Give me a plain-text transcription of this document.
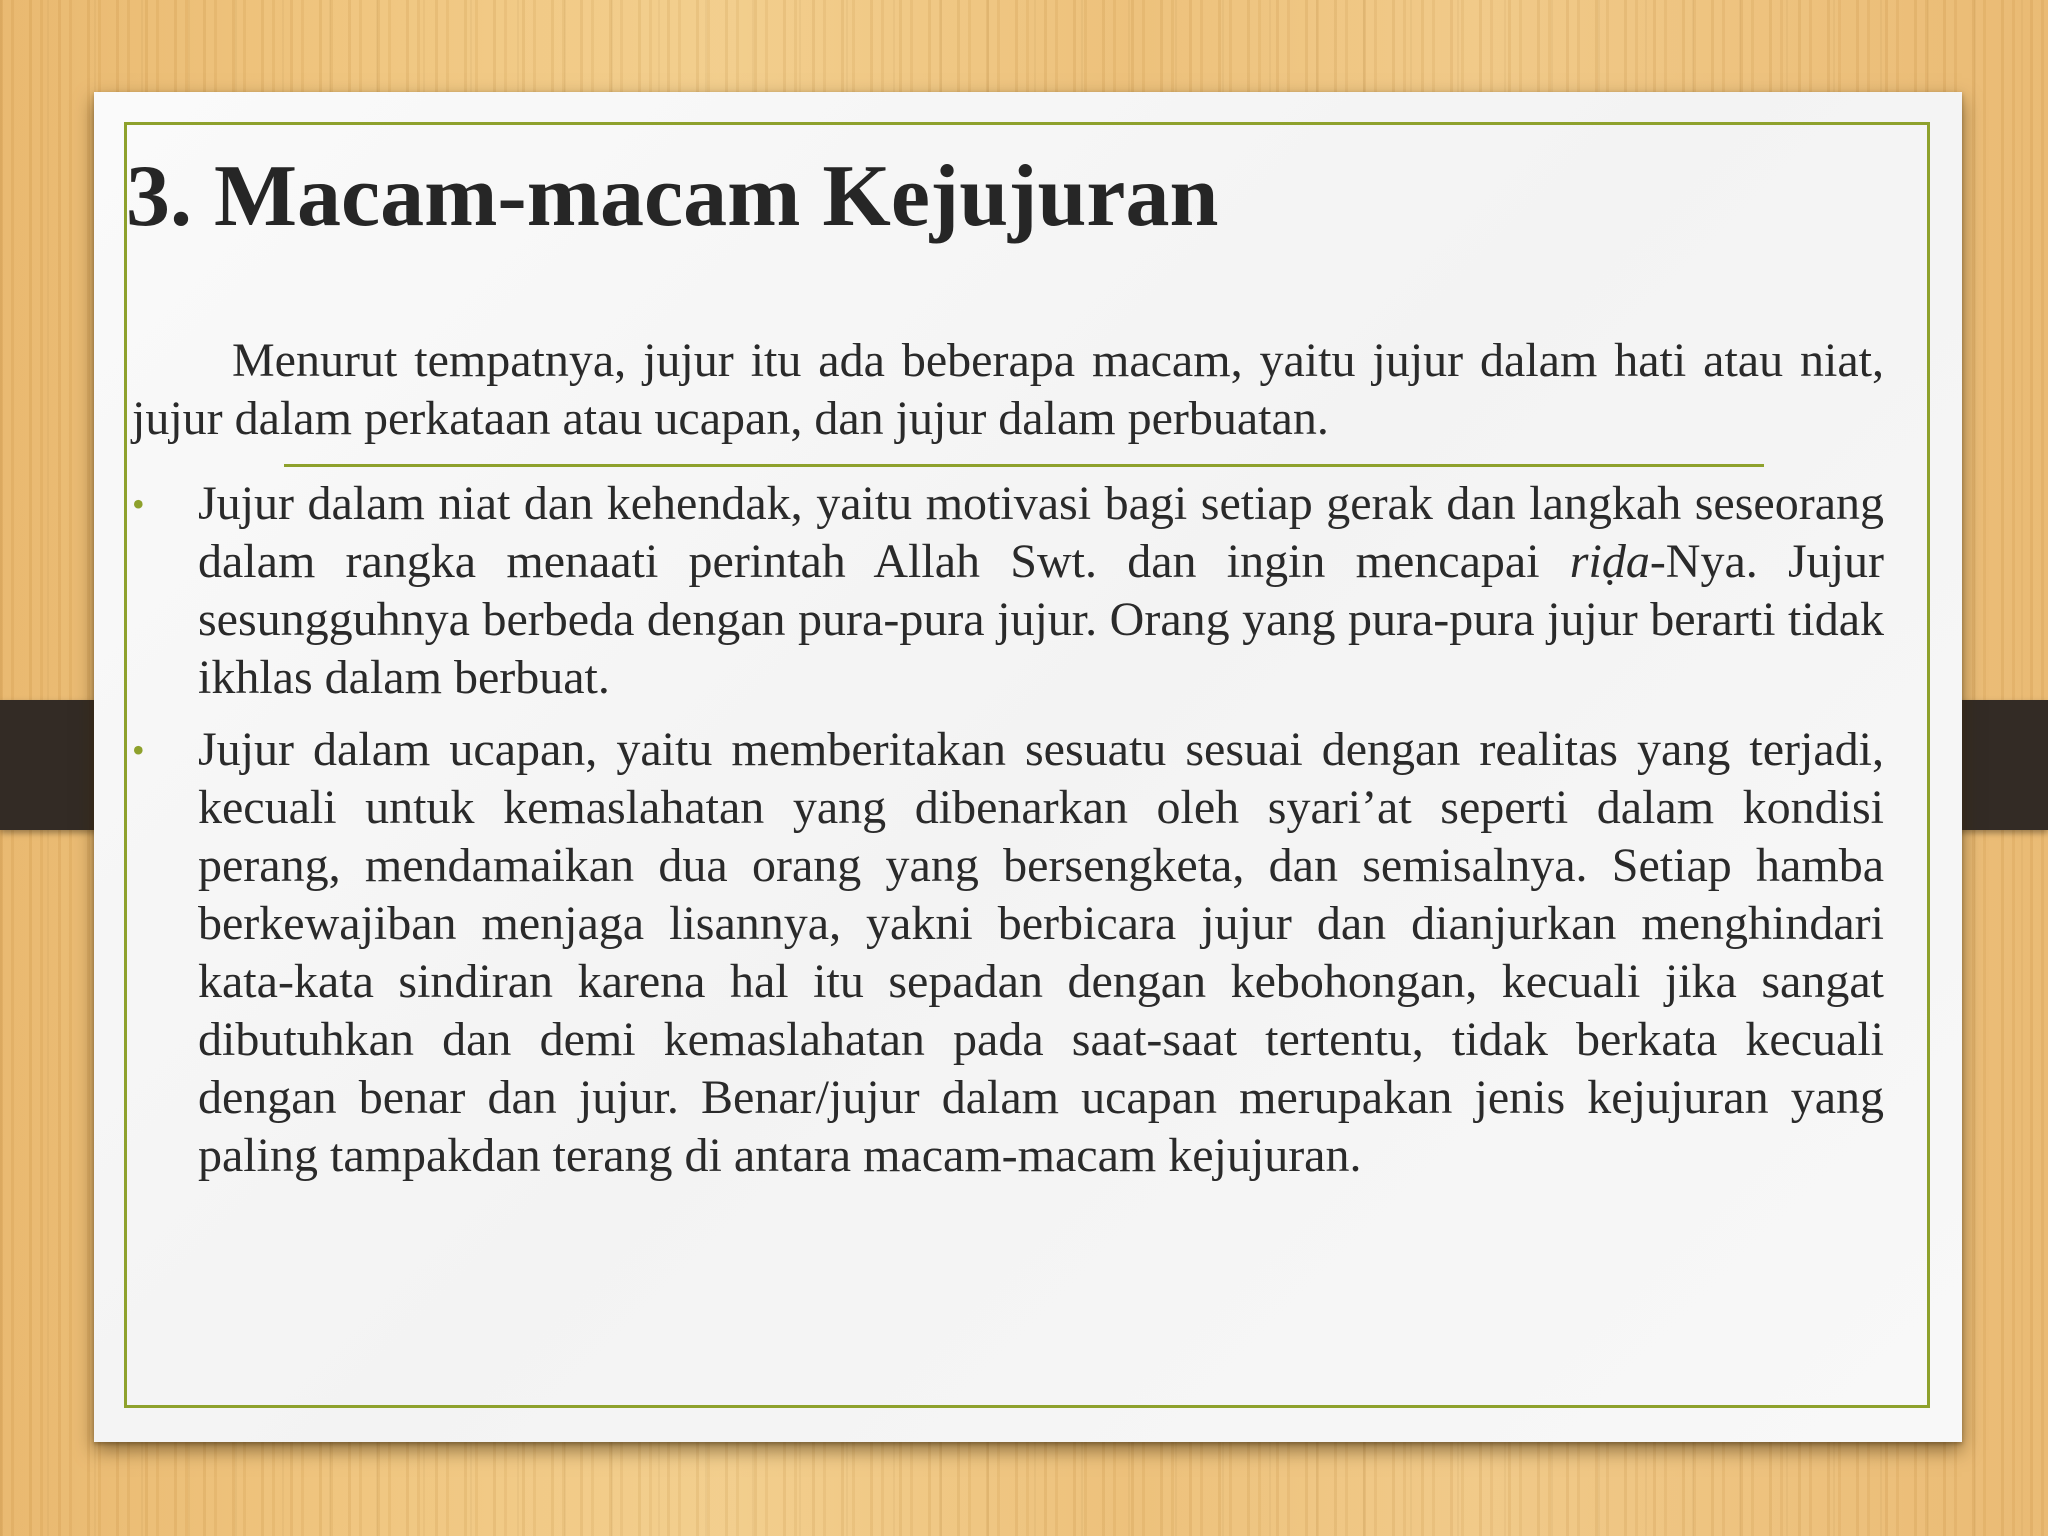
3. Macam-macam Kejujuran

Menurut tempatnya, jujur itu ada beberapa macam, yaitu jujur dalam hati atau niat, jujur dalam perkataan atau ucapan, dan jujur dalam perbuatan.

• Jujur dalam niat dan kehendak, yaitu motivasi bagi setiap gerak dan langkah seseorang dalam rangka menaati perintah Allah Swt. dan ingin mencapai riḍa-Nya. Jujur sesungguhnya berbeda dengan pura-pura jujur. Orang yang pura-pura jujur berarti tidak ikhlas dalam berbuat.
• Jujur dalam ucapan, yaitu memberitakan sesuatu sesuai dengan realitas yang terjadi, kecuali untuk kemaslahatan yang dibenarkan oleh syari’at seperti dalam kondisi perang, mendamaikan dua orang yang bersengketa, dan semisalnya. Setiap hamba berkewajiban menjaga lisannya, yakni berbicara jujur dan dianjurkan menghindari kata-kata sindiran karena hal itu sepadan dengan kebohongan, kecuali jika sangat dibutuhkan dan demi kemaslahatan pada saat-saat tertentu, tidak berkata kecuali dengan benar dan jujur. Benar/jujur dalam ucapan merupakan jenis kejujuran yang paling tampakdan terang di antara macam-macam kejujuran.
